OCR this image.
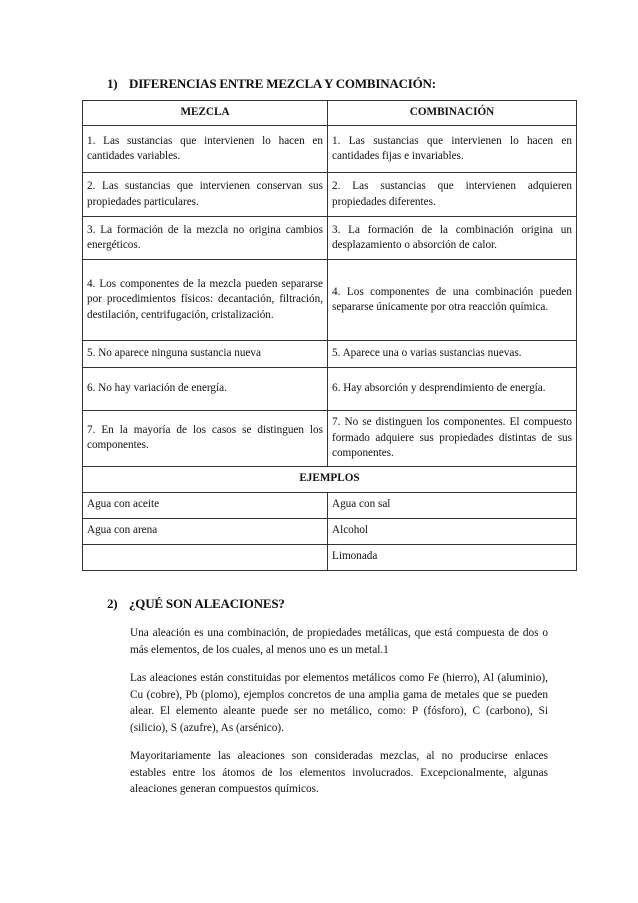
1) DIFERENCIAS ENTRE MEZCLA Y COMBINACIÓN:
MEZCLA	COMBINACIÓN
1. Las sustancias que intervienen lo hacen en cantidades variables.	1. Las sustancias que intervienen lo hacen en cantidades fijas e invariables.
2. Las sustancias que intervienen conservan sus propiedades particulares.	2. Las sustancias que intervienen adquieren propiedades diferentes.
3. La formación de la mezcla no origina cambios energéticos.	3. La formación de la combinación origina un desplazamiento o absorción de calor.
4. Los componentes de la mezcla pueden separarse por procedimientos físicos: decantación, filtración, destilación, centrifugación, cristalización.	4. Los componentes de una combinación pueden separarse únicamente por otra reacción química.
5. No aparece ninguna sustancia nueva	5. Aparece una o varias sustancias nuevas.
6. No hay variación de energía.	6. Hay absorción y desprendimiento de energía.
7. En la mayoría de los casos se distinguen los componentes.	7. No se distinguen los componentes. El compuesto formado adquiere sus propiedades distintas de sus componentes.
EJEMPLOS	
Agua con aceite	Agua con sal
Agua con arena	Alcohol
	Limonada
2) ¿QUÉ SON ALEACIONES?

Una aleación es una combinación, de propiedades metálicas, que está compuesta de dos o más elementos, de los cuales, al menos uno es un metal.1

Las aleaciones están constituidas por elementos metálicos como Fe (hierro), Al (aluminio), Cu (cobre), Pb (plomo), ejemplos concretos de una amplia gama de metales que se pueden alear. El elemento aleante puede ser no metálico, como: P (fósforo), C (carbono), Si (silicio), S (azufre), As (arsénico).

Mayoritariamente las aleaciones son consideradas mezclas, al no producirse enlaces estables entre los átomos de los elementos involucrados. Excepcionalmente, algunas aleaciones generan compuestos químicos.
